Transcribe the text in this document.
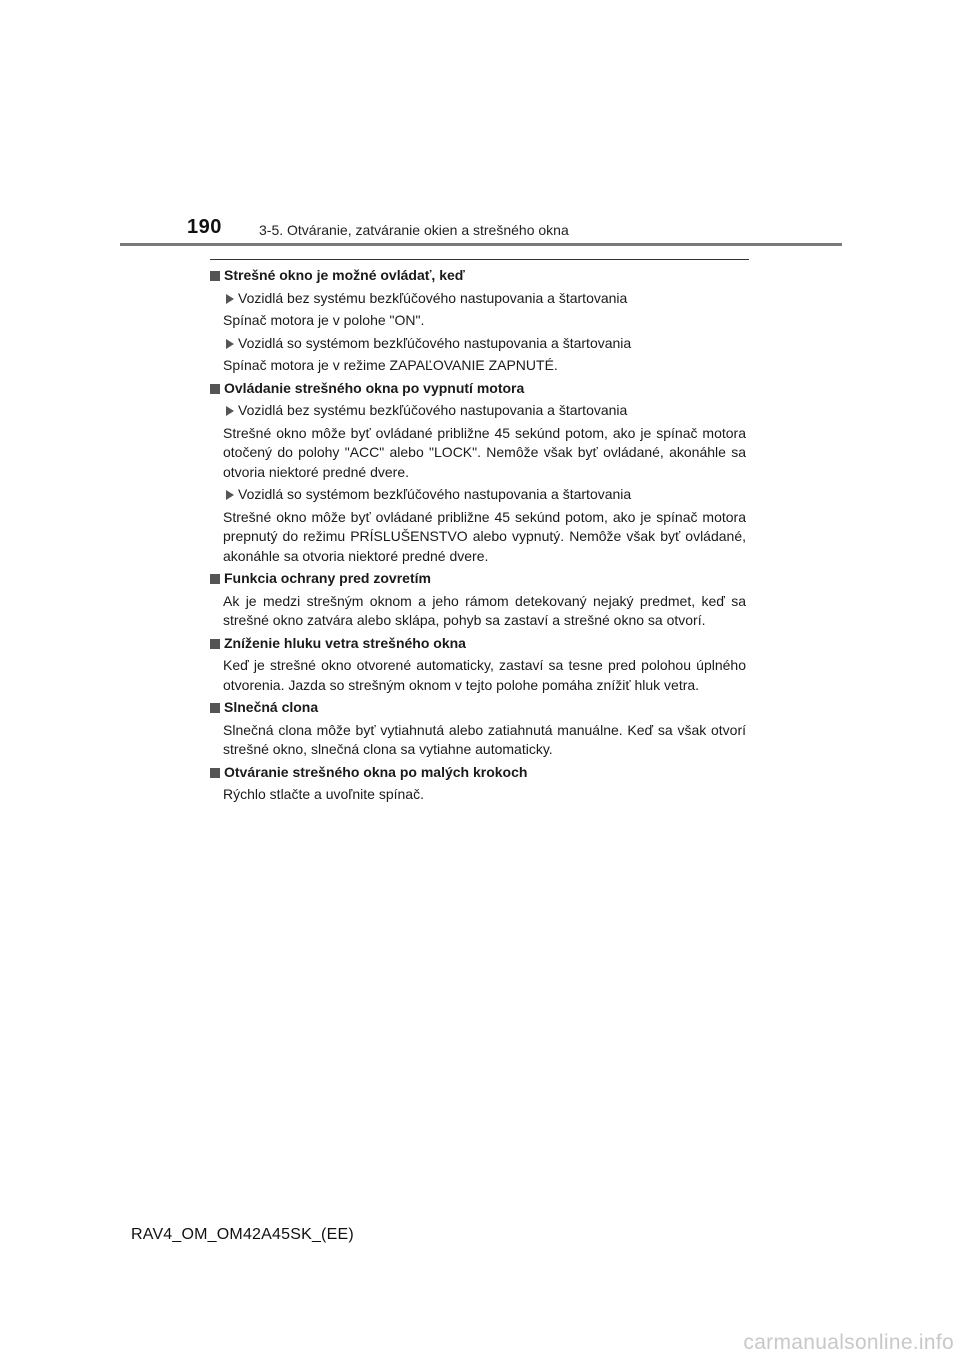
190	3-5. Otváranie, zatváranie okien a strešného okna
Strešné okno je možné ovládať, keď
Vozidlá bez systému bezkľúčového nastupovania a štartovania
Spínač motora je v polohe "ON".
Vozidlá so systémom bezkľúčového nastupovania a štartovania
Spínač motora je v režime ZAPAĽOVANIE ZAPNUTÉ.
Ovládanie strešného okna po vypnutí motora
Vozidlá bez systému bezkľúčového nastupovania a štartovania
Strešné okno môže byť ovládané približne 45 sekúnd potom, ako je spínač motora otočený do polohy "ACC" alebo "LOCK". Nemôže však byť ovládané, akonáhle sa otvoria niektoré predné dvere.
Vozidlá so systémom bezkľúčového nastupovania a štartovania
Strešné okno môže byť ovládané približne 45 sekúnd potom, ako je spínač motora prepnutý do režimu PRÍSLUŠENSTVO alebo vypnutý. Nemôže však byť ovládané, akonáhle sa otvoria niektoré predné dvere.
Funkcia ochrany pred zovretím
Ak je medzi strešným oknom a jeho rámom detekovaný nejaký predmet, keď sa strešné okno zatvára alebo sklápa, pohyb sa zastaví a strešné okno sa otvorí.
Zníženie hluku vetra strešného okna
Keď je strešné okno otvorené automaticky, zastaví sa tesne pred polohou úplného otvorenia. Jazda so strešným oknom v tejto polohe pomáha znížiť hluk vetra.
Slnečná clona
Slnečná clona môže byť vytiahnutá alebo zatiahnutá manuálne. Keď sa však otvorí strešné okno, slnečná clona sa vytiahne automaticky.
Otváranie strešného okna po malých krokoch
Rýchlo stlačte a uvoľnite spínač.
RAV4_OM_OM42A45SK_(EE)
carmanualsonline.info
